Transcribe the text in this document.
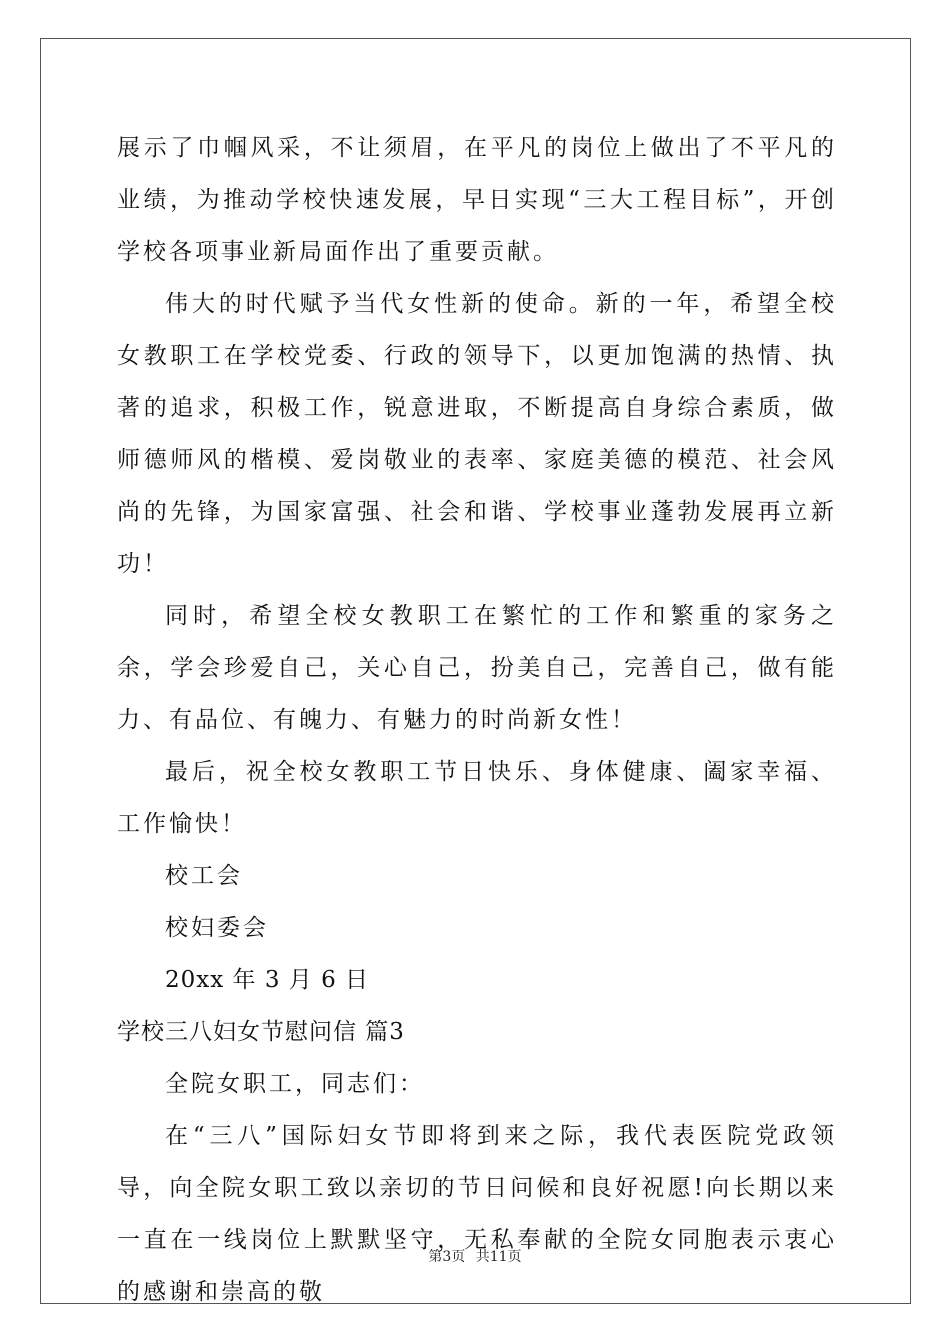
展示了巾帼风采，不让须眉，在平凡的岗位上做出了不平凡的业绩，为推动学校快速发展，早日实现“三大工程目标”，开创学校各项事业新局面作出了重要贡献。

伟大的时代赋予当代女性新的使命。新的一年，希望全校女教职工在学校党委、行政的领导下，以更加饱满的热情、执著的追求，积极工作，锐意进取，不断提高自身综合素质，做师德师风的楷模、爱岗敬业的表率、家庭美德的模范、社会风尚的先锋，为国家富强、社会和谐、学校事业蓬勃发展再立新功！

同时，希望全校女教职工在繁忙的工作和繁重的家务之余，学会珍爱自己，关心自己，扮美自己，完善自己，做有能力、有品位、有魄力、有魅力的时尚新女性！

最后，祝全校女教职工节日快乐、身体健康、阖家幸福、工作愉快！

校工会

校妇委会

20xx 年 3 月 6 日

学校三八妇女节慰问信 篇3

全院女职工，同志们：

在“三八”国际妇女节即将到来之际，我代表医院党政领导，向全院女职工致以亲切的节日问候和良好祝愿!向长期以来一直在一线岗位上默默坚守，无私奉献的全院女同胞表示衷心的感谢和崇高的敬

第3页 共11页
